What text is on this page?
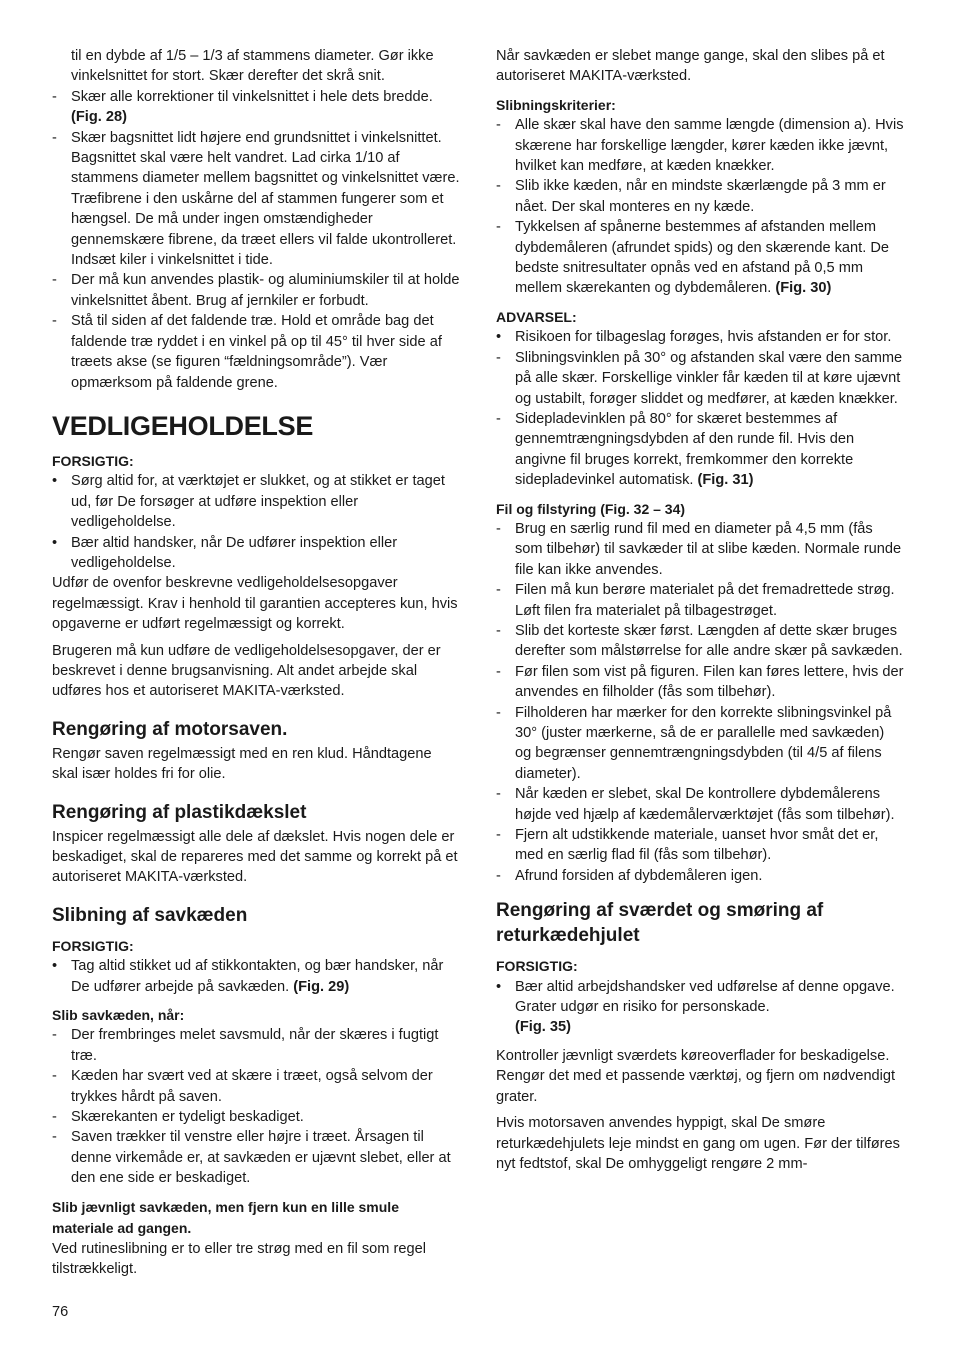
til en dybde af 1/5 – 1/3 af stammens diameter. Gør ikke vinkelsnittet for stort. Skær derefter det skrå snit.

- Skær alle korrektioner til vinkelsnittet i hele dets bredde. (Fig. 28)
- Skær bagsnittet lidt højere end grundsnittet i vinkelsnittet. Bagsnittet skal være helt vandret. Lad cirka 1/10 af stammens diameter mellem bagsnittet og vinkelsnittet være. Træfibrene i den uskårne del af stammen fungerer som et hængsel. De må under ingen omstændigheder gennemskære fibrene, da træet ellers vil falde ukontrolleret. Indsæt kiler i vinkelsnittet i tide.
- Der må kun anvendes plastik- og aluminiumskiler til at holde vinkelsnittet åbent. Brug af jernkiler er forbudt.
- Stå til siden af det faldende træ. Hold et område bag det faldende træ ryddet i en vinkel på op til 45° til hver side af træets akse (se figuren “fældningsområde”). Vær opmærksom på faldende grene.
VEDLIGEHOLDELSE

FORSIGTIG:

• Sørg altid for, at værktøjet er slukket, og at stikket er taget ud, før De forsøger at udføre inspektion eller vedligeholdelse.
• Bær altid handsker, når De udfører inspektion eller vedligeholdelse.

Udfør de ovenfor beskrevne vedligeholdelsesopgaver regelmæssigt. Krav i henhold til garantien accepteres kun, hvis opgaverne er udført regelmæssigt og korrekt.

Brugeren må kun udføre de vedligeholdelsesopgaver, der er beskrevet i denne brugsanvisning. Alt andet arbejde skal udføres hos et autoriseret MAKITA-værksted.

Rengøring af motorsaven.

Rengør saven regelmæssigt med en ren klud. Håndtagene skal især holdes fri for olie.

Rengøring af plastikdækslet

Inspicer regelmæssigt alle dele af dækslet. Hvis nogen dele er beskadiget, skal de repareres med det samme og korrekt på et autoriseret MAKITA-værksted.

Slibning af savkæden

FORSIGTIG:

• Tag altid stikket ud af stikkontakten, og bær handsker, når De udfører arbejde på savkæden. (Fig. 29)

Slib savkæden, når:

- Der frembringes melet savsmuld, når der skæres i fugtigt træ.
- Kæden har svært ved at skære i træet, også selvom der trykkes hårdt på saven.
- Skærekanten er tydeligt beskadiget.
- Saven trækker til venstre eller højre i træet. Årsagen til denne virkemåde er, at savkæden er ujævnt slebet, eller at den ene side er beskadiget.

Slib jævnligt savkæden, men fjern kun en lille smule materiale ad gangen.

Ved rutineslibning er to eller tre strøg med en fil som regel tilstrækkeligt.

Når savkæden er slebet mange gange, skal den slibes på et autoriseret MAKITA-værksted.

Slibningskriterier:

- Alle skær skal have den samme længde (dimension a). Hvis skærene har forskellige længder, kører kæden ikke jævnt, hvilket kan medføre, at kæden knækker.
- Slib ikke kæden, når en mindste skærlængde på 3 mm er nået. Der skal monteres en ny kæde.
- Tykkelsen af spånerne bestemmes af afstanden mellem dybdemåleren (afrundet spids) og den skærende kant. De bedste snitresultater opnås ved en afstand på 0,5 mm mellem skærekanten og dybdemåleren. (Fig. 30)

ADVARSEL:

• Risikoen for tilbageslag forøges, hvis afstanden er for stor.
- Slibningsvinklen på 30° og afstanden skal være den samme på alle skær. Forskellige vinkler får kæden til at køre ujævnt og ustabilt, forøger sliddet og medfører, at kæden knækker.
- Sidepladevinklen på 80° for skæret bestemmes af gennemtrængningsdybden af den runde fil. Hvis den angivne fil bruges korrekt, fremkommer den korrekte sidepladevinkel automatisk. (Fig. 31)

Fil og filstyring (Fig. 32 – 34)

- Brug en særlig rund fil med en diameter på 4,5 mm (fås som tilbehør) til savkæder til at slibe kæden. Normale runde file kan ikke anvendes.
- Filen må kun berøre materialet på det fremadrettede strøg. Løft filen fra materialet på tilbagestrøget.
- Slib det korteste skær først. Længden af dette skær bruges derefter som målstørrelse for alle andre skær på savkæden.
- Før filen som vist på figuren. Filen kan føres lettere, hvis der anvendes en filholder (fås som tilbehør).
- Filholderen har mærker for den korrekte slibningsvinkel på 30° (juster mærkerne, så de er parallelle med savkæden) og begrænser gennemtrængningsdybden (til 4/5 af filens diameter).
- Når kæden er slebet, skal De kontrollere dybdemålerens højde ved hjælp af kædemålerværktøjet (fås som tilbehør).
- Fjern alt udstikkende materiale, uanset hvor småt det er, med en særlig flad fil (fås som tilbehør).
- Afrund forsiden af dybdemåleren igen.
Rengøring af sværdet og smøring af returkædehjulet

FORSIGTIG:

• Bær altid arbejdshandsker ved udførelse af denne opgave. Grater udgør en risiko for personskade.
(Fig. 35)

Kontroller jævnligt sværdets køreoverflader for beskadigelse. Rengør det med et passende værktøj, og fjern om nødvendigt grater.

Hvis motorsaven anvendes hyppigt, skal De smøre returkædehjulets leje mindst en gang om ugen. Før der tilføres nyt fedtstof, skal De omhyggeligt rengøre 2 mm-

76
